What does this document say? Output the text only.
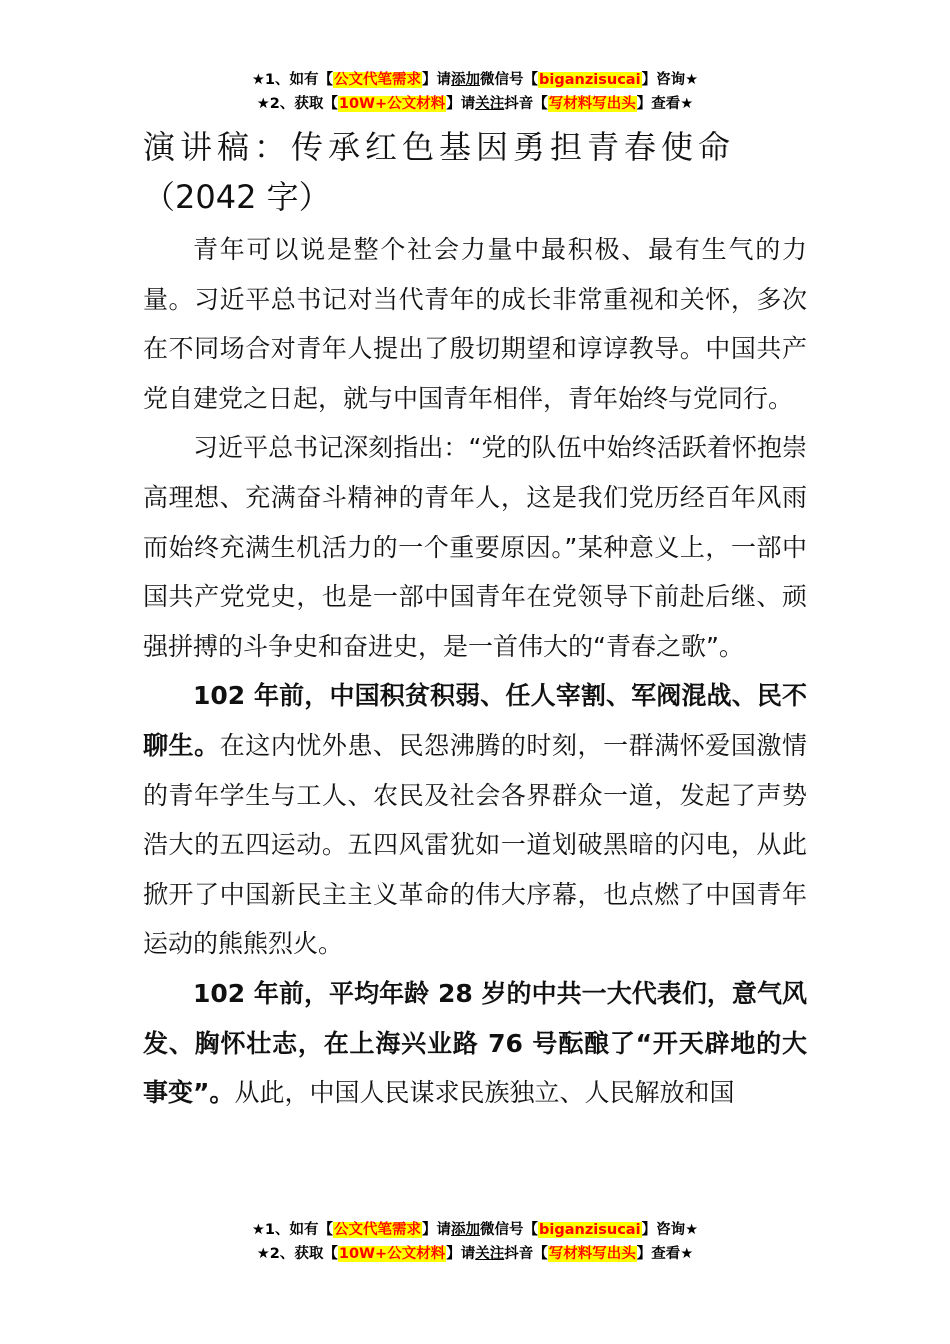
★1、如有【公文代笔需求】请添加微信号【biganzisucai】咨询★
★2、获取【10W+公文材料】请关注抖音【写材料写出头】查看★
演讲稿：传承红色基因勇担青春使命
（2042 字）

青年可以说是整个社会力量中最积极、最有生气的力量。习近平总书记对当代青年的成长非常重视和关怀，多次在不同场合对青年人提出了殷切期望和谆谆教导。中国共产党自建党之日起，就与中国青年相伴，青年始终与党同行。

习近平总书记深刻指出：“党的队伍中始终活跃着怀抱崇高理想、充满奋斗精神的青年人，这是我们党历经百年风雨而始终充满生机活力的一个重要原因。”某种意义上，一部中国共产党党史，也是一部中国青年在党领导下前赴后继、顽强拼搏的斗争史和奋进史，是一首伟大的“青春之歌”。

102 年前，中国积贫积弱、任人宰割、军阀混战、民不聊生。在这内忧外患、民怨沸腾的时刻，一群满怀爱国激情的青年学生与工人、农民及社会各界群众一道，发起了声势浩大的五四运动。五四风雷犹如一道划破黑暗的闪电，从此掀开了中国新民主主义革命的伟大序幕，也点燃了中国青年运动的熊熊烈火。

102 年前，平均年龄 28 岁的中共一大代表们，意气风发、胸怀壮志，在上海兴业路 76 号酝酿了“开天辟地的大事变”。从此，中国人民谋求民族独立、人民解放和国

★1、如有【公文代笔需求】请添加微信号【biganzisucai】咨询★
★2、获取【10W+公文材料】请关注抖音【写材料写出头】查看★
